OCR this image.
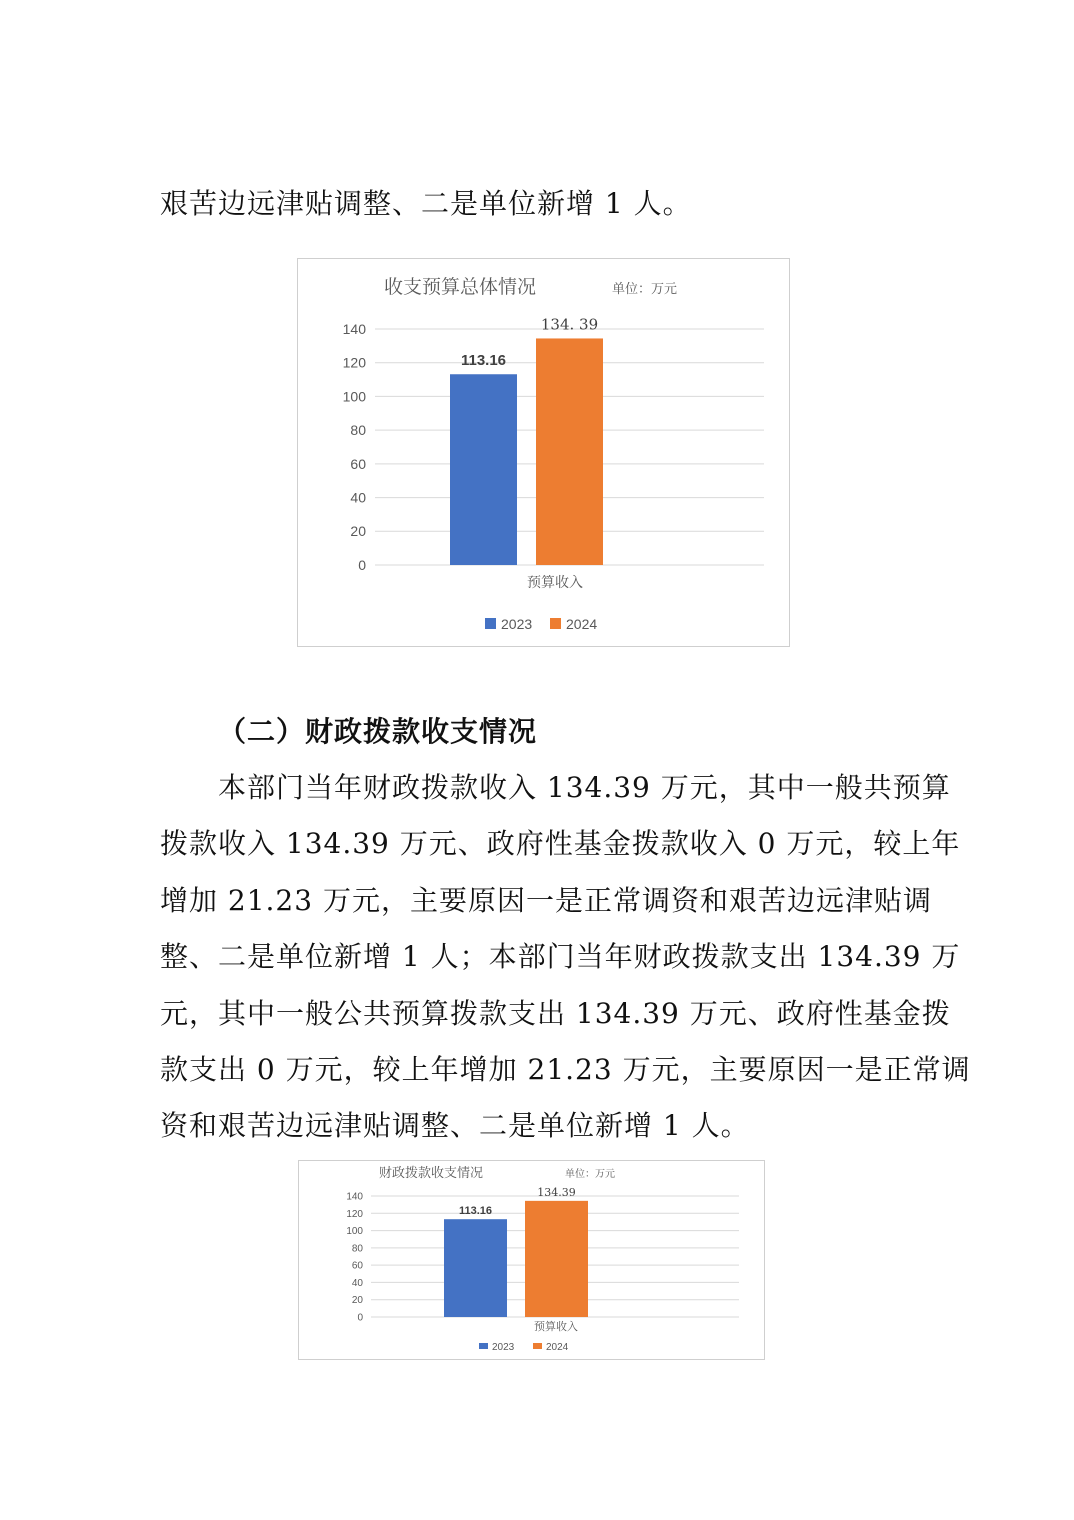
艰苦边远津贴调整、二是单位新增 1 人。
收支预算总体情况	单位：万元
140
120
100
80
60
40
20
0
113.16
134. 39
预算收入
2023 2024
（二）财政拨款收支情况
本部门当年财政拨款收入 134.39 万元，其中一般共预算
拨款收入 134.39 万元、政府性基金拨款收入 0 万元，较上年
增加 21.23 万元，主要原因一是正常调资和艰苦边远津贴调
整、二是单位新增 1 人；本部门当年财政拨款支出 134.39 万
元，其中一般公共预算拨款支出 134.39 万元、政府性基金拨
款支出 0 万元，较上年增加 21.23 万元，主要原因一是正常调
资和艰苦边远津贴调整、二是单位新增 1 人。
财政拨款收支情况	单位：万元
140
120
100
80
60
40
20
0
113.16
134.39
预算收入
2023	2024
